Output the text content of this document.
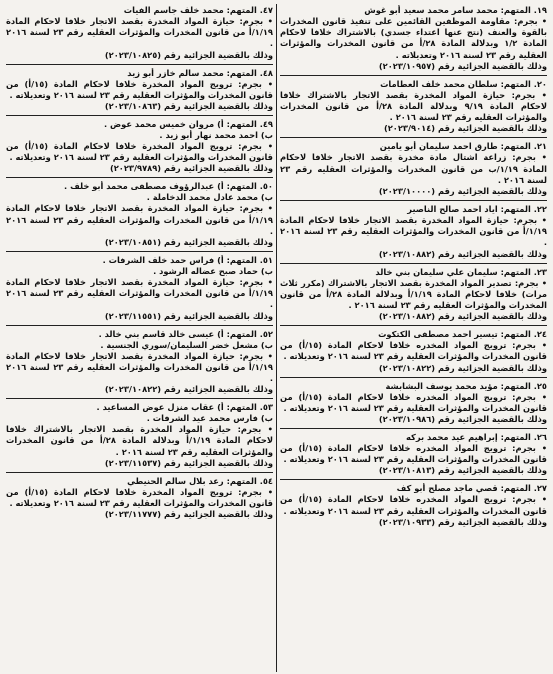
١٩. المتهم: محمد سامر محمد سعيد أبو غوش
• بجرم: مقاومة الموظفين القائمين على تنفيذ قانون المخدرات بالقوة والعنف (نتج عنها اعتداء جسدي) بالاشتراك خلافا لاحكام المادة ١/٢ وبدلالة المادة ٢٨/أ من قانون المخدرات والمؤثرات العقلية رقم ٢٣ لسنة ٢٠١٦ وتعديلاته .
وذلك بالقضية الجزائية رقم (٢٠٢٣/١٠٩٥٧)
٢٠. المتهم: سلطان محمد خلف العطامات
• بجرم: حيازة المواد المخدرة بقصد الاتجار بالاشتراك خلافا لاحكام المادة ٩/١٩ وبدلالة المادة ٢٨/أ من قانون المخدرات والمؤثرات العقليه رقم ٢٣ لسنة ٢٠١٦ .
وذلك بالقضية الجزائية رقم (٢٠٢٣/٩٠١٤)
٢١. المتهم: طارق احمد سليمان أبو يامين
• بجرم: زراعة اشتال مادة مخدرة بقصد الاتجار خلافا لاحكام المادة ١/١٩/ب من قانون المخدرات والمؤثرات العقليه رقم ٢٣ لسنة ٢٠١٦ .
وذلك بالقضية الجزائية رقم (٢٠٢٣/١٠٠٠٠)
٢٢. المتهم: اياد احمد صالح الناصير
• بجرم: حيازة المواد المخدرة بقصد الاتجار خلافا لاحكام المادة ١/١٩/أ من قانون المخدرات والمؤثرات العقليه رقم ٢٣ لسنة ٢٠١٦ .
وذلك بالقضية الجزائية رقم (٢٠٢٣/١٠٨٨٢)
٢٣. المتهم: سليمان علي سليمان بني خالد
• بجرم: تصدير المواد المخدرة بقصد الاتجار بالاشتراك (مكرر ثلاث مرات) خلافا لاحكام المادة ١/١٩/أ وبدلالة المادة ٢٨/أ من قانون المخدرات والمؤثرات العقليه رقم ٢٣ لسنة ٢٠١٦ .
وذلك بالقضية الجزائية رقم (٢٠٢٣/١٠٨٨٢)
٢٤. المتهم: تيسير احمد مصطفى الكتكوت
• بجرم: ترويج المواد المخدره خلافا لاحكام المادة (١٥/أ) من قانون المخدرات والمؤثرات العقلية رقم ٢٣ لسنة ٢٠١٦ وتعديلاته .
وذلك بالقضية الجزائية رقم (٢٠٢٣/١٠٨٢٢)
٢٥. المتهم: مؤيد محمد يوسف البشابشة
• بجرم: ترويج المواد المخدره خلافا لاحكام المادة (١٥/أ) من قانون المخدرات والمؤثرات العقلية رقم ٢٣ لسنة ٢٠١٦ وتعديلاته .
وذلك بالقضية الجزائية رقم (٢٠٢٣/١٠٩٨٦)
٢٦. المتهم: إبراهيم عيد محمد بركه
• بجرم: ترويج المواد المخدره خلافا لاحكام المادة (١٥/أ) من قانون المخدرات والمؤثرات العقلية رقم ٢٣ لسنة ٢٠١٦ وتعديلاته .
وذلك بالقضية الجزائية رقم (٢٠٢٣/١٠٨١٣)
٢٧. المتهم: قصي ماجد مصلح أبو كف
• بجرم: ترويج المواد المخدره خلافا لاحكام المادة (١٥/أ) من قانون المخدرات والمؤثرات العقلية رقم ٢٣ لسنة ٢٠١٦ وتعديلاته .
وذلك بالقضية الجزائية رقم (٢٠٢٣/١٠٩٣٣)
٤٧. المتهم: محمد خلف جاسم الفيات
• بجرم: حيازة المواد المخدرة بقصد الاتجار خلافا لاحكام المادة ١/١٩/أ من قانون المخدرات والمؤثرات العقليه رقم ٢٣ لسنة ٢٠١٦ .
وذلك بالقضية الجزائية رقم (٢٠٢٣/١٠٨٢٥)
٤٨. المتهم: محمد سالم خازر أبو زيد
• بجرم: ترويج المواد المخدرة خلافا لاحكام المادة (١٥/أ) من قانون المخدرات والمؤثرات العقلية رقم ٢٣ لسنة ٢٠١٦ وتعديلاته .
وذلك بالقضية الجزائية رقم (٢٠٢٣/١٠٨٦٣)
٤٩. المتهم: أ) مروان خميس محمد عوض .
ب) احمد محمد نهار أبو زيد .
• بجرم: ترويج المواد المخدرة خلافا لاحكام المادة (١٥/أ) من قانون المخدرات والمؤثرات العقلية رقم ٢٣ لسنة ٢٠١٦ وتعديلاته .
وذلك بالقضية الجزائية رقم (٢٠٢٣/٩٧٨٩)
٥٠. المتهم: أ) عبدالرؤوف مصطفى محمد أبو خلف .
ب) محمد عادل محمد الدخاملة .
• بجرم: حيازة المواد المخدرة بقصد الاتجار خلافا لاحكام المادة ١/١٩/أ من قانون المخدرات والمؤثرات العقليه رقم ٢٣ لسنة ٢٠١٦ .
وذلك بالقضية الجزائية رقم (٢٠٢٣/١٠٨٥١)
٥١. المتهم: أ) فراس حمد خلف الشرفات .
ب) حماد صبح عضاله الرشود .
• بجرم: حيازة المواد المخدرة بقصد الاتجار خلافا لاحكام المادة ١/١٩/أ من قانون المخدرات والمؤثرات العقليه رقم ٢٣ لسنة ٢٠١٦ .
وذلك بالقضية الجزائية رقم (٢٠٢٣/١١٥٥١)
٥٢. المتهم: أ) عيسى خالد قاسم بني خالد .
ب) مشعل خضر السليمان/سوري الجنسية .
• بجرم: حيازة المواد المخدرة بقصد الاتجار خلافا لاحكام المادة ١/١٩/أ من قانون المخدرات والمؤثرات العقليه رقم ٢٣ لسنة ٢٠١٦ .
وذلك بالقضية الجزائية رقم (٢٠٢٣/١٠٨٢٢)
٥٣. المتهم: أ) عقاب منزل عوض المساعيد .
ب) فارس محمد عيد الشرفات .
• بجرم: حيازة المواد المخدرة بقصد الاتجار بالاشتراك خلافا لاحكام المادة ١/١٩/أ وبدلالة المادة ٢٨/أ من قانون المخدرات والمؤثرات العقليه رقم ٢٣ لسنة ٢٠١٦ .
وذلك بالقضية الجزائية رقم (٢٠٢٣/١١٥٣٧)
٥٤. المتهم: رعد بلال سالم الحنيطي
• بجرم: ترويج المواد المخدرة خلافا لاحكام المادة (١٥/أ) من قانون المخدرات والمؤثرات العقلية رقم ٢٣ لسنة ٢٠١٦ وتعديلاته .
وذلك بالقضية الجزائية رقم (٢٠٢٣/١١٧٧٧)
